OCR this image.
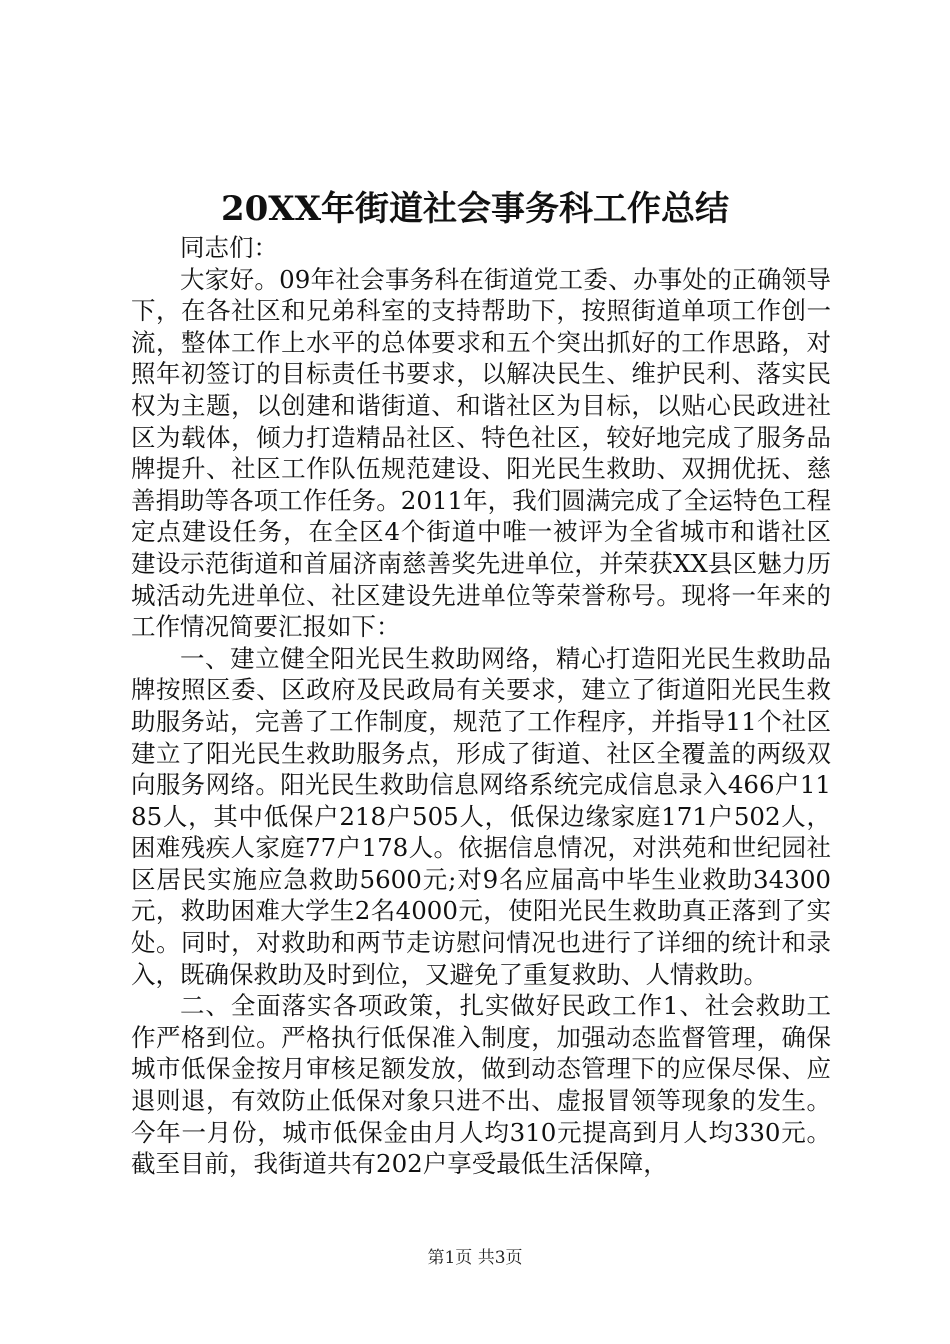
20XX年街道社会事务科工作总结

同志们：

大家好。09年社会事务科在街道党工委、办事处的正确领导下，在各社区和兄弟科室的支持帮助下，按照街道单项工作创一流，整体工作上水平的总体要求和五个突出抓好的工作思路，对照年初签订的目标责任书要求，以解决民生、维护民利、落实民权为主题，以创建和谐街道、和谐社区为目标，以贴心民政进社区为载体，倾力打造精品社区、特色社区，较好地完成了服务品牌提升、社区工作队伍规范建设、阳光民生救助、双拥优抚、慈善捐助等各项工作任务。2011年，我们圆满完成了全运特色工程定点建设任务，在全区4个街道中唯一被评为全省城市和谐社区建设示范街道和首届济南慈善奖先进单位，并荣获XX县区魅力历城活动先进单位、社区建设先进单位等荣誉称号。现将一年来的工作情况简要汇报如下：

一、建立健全阳光民生救助网络，精心打造阳光民生救助品牌按照区委、区政府及民政局有关要求，建立了街道阳光民生救助服务站，完善了工作制度，规范了工作程序，并指导11个社区建立了阳光民生救助服务点，形成了街道、社区全覆盖的两级双向服务网络。阳光民生救助信息网络系统完成信息录入466户1185人，其中低保户218户505人，低保边缘家庭171户502人，困难残疾人家庭77户178人。依据信息情况，对洪苑和世纪园社区居民实施应急救助5600元;对9名应届高中毕生业救助34300元，救助困难大学生2名4000元，使阳光民生救助真正落到了实处。同时，对救助和两节走访慰问情况也进行了详细的统计和录入，既确保救助及时到位，又避免了重复救助、人情救助。

二、全面落实各项政策，扎实做好民政工作1、社会救助工作严格到位。严格执行低保准入制度，加强动态监督管理，确保城市低保金按月审核足额发放，做到动态管理下的应保尽保、应退则退，有效防止低保对象只进不出、虚报冒领等现象的发生。今年一月份，城市低保金由月人均310元提高到月人均330元。截至目前，我街道共有202户享受最低生活保障，

第1页 共3页
